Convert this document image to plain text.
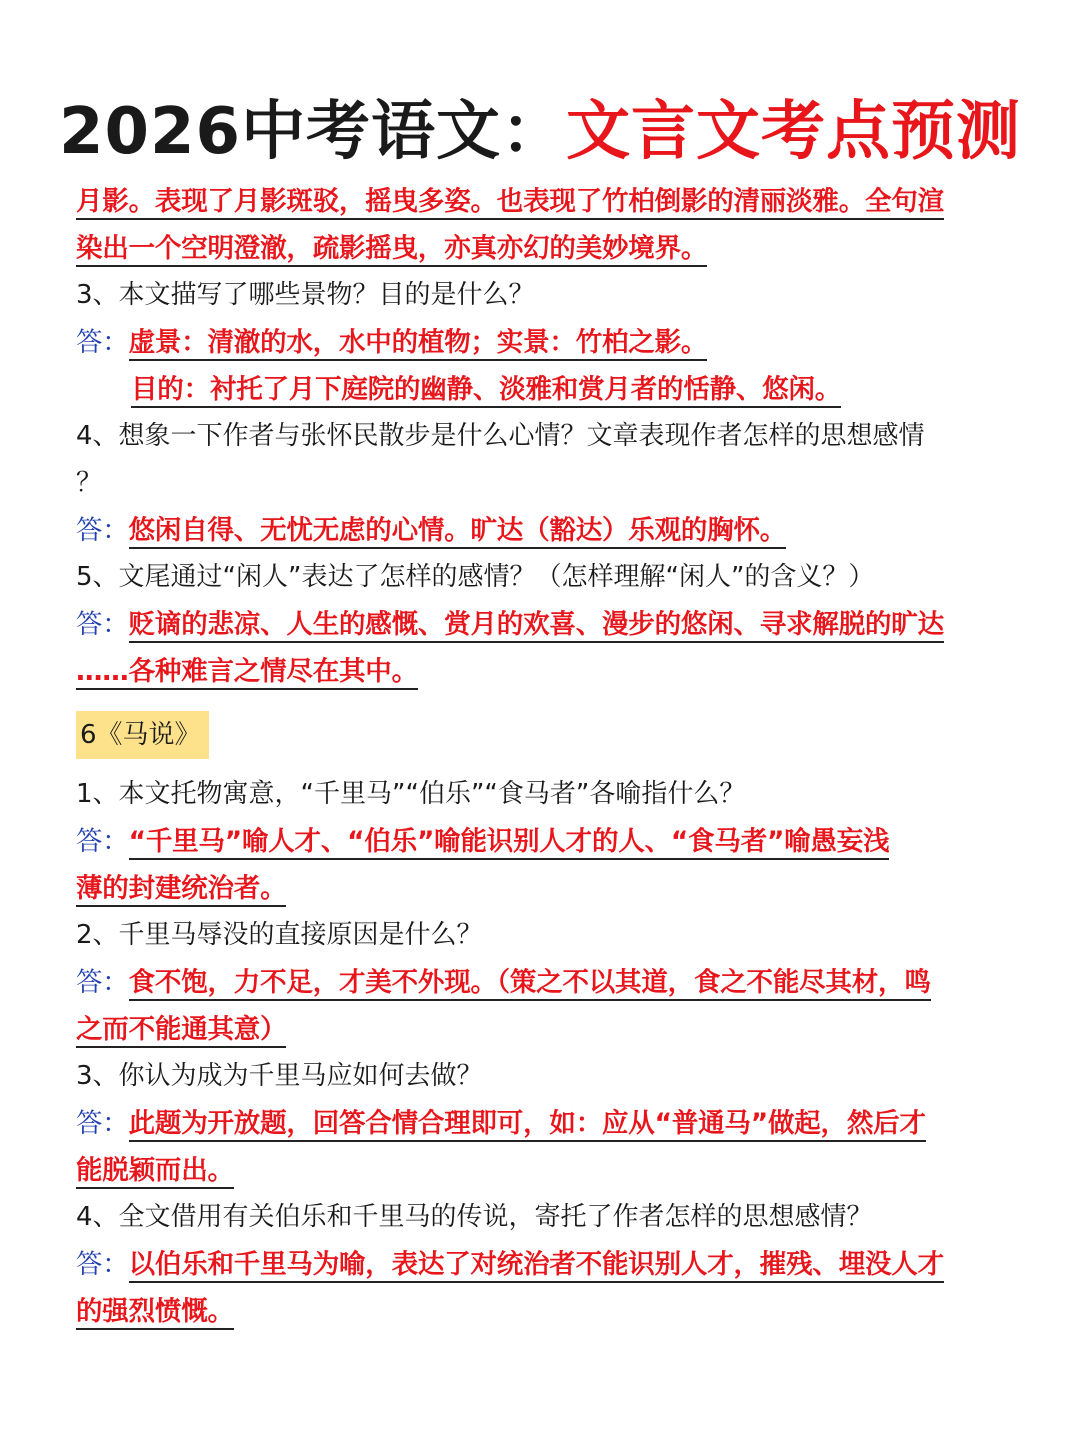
2026中考语文：文言文考点预测
月影。表现了月影斑驳，摇曳多姿。也表现了竹柏倒影的清丽淡雅。全句渲
染出一个空明澄澈，疏影摇曳，亦真亦幻的美妙境界。
3、本文描写了哪些景物？目的是什么？
答：虚景：清澈的水，水中的植物；实景：竹柏之影。
目的：衬托了月下庭院的幽静、淡雅和赏月者的恬静、悠闲。
4、想象一下作者与张怀民散步是什么心情？文章表现作者怎样的思想感情
？
答：悠闲自得、无忧无虑的心情。旷达（豁达）乐观的胸怀。
5、文尾通过“闲人”表达了怎样的感情？（怎样理解“闲人”的含义？）
答：贬谪的悲凉、人生的感慨、赏月的欢喜、漫步的悠闲、寻求解脱的旷达
……各种难言之情尽在其中。
6《马说》
1、本文托物寓意，“千里马”“伯乐”“食马者”各喻指什么？
答：“千里马”喻人才、“伯乐”喻能识别人才的人、“食马者”喻愚妄浅
薄的封建统治者。
2、千里马辱没的直接原因是什么？
答：食不饱，力不足，才美不外现。（策之不以其道，食之不能尽其材，鸣
之而不能通其意）
3、你认为成为千里马应如何去做？
答：此题为开放题，回答合情合理即可，如：应从“普通马”做起，然后才
能脱颖而出。
4、全文借用有关伯乐和千里马的传说，寄托了作者怎样的思想感情？
答：以伯乐和千里马为喻，表达了对统治者不能识别人才，摧残、埋没人才
的强烈愤慨。
